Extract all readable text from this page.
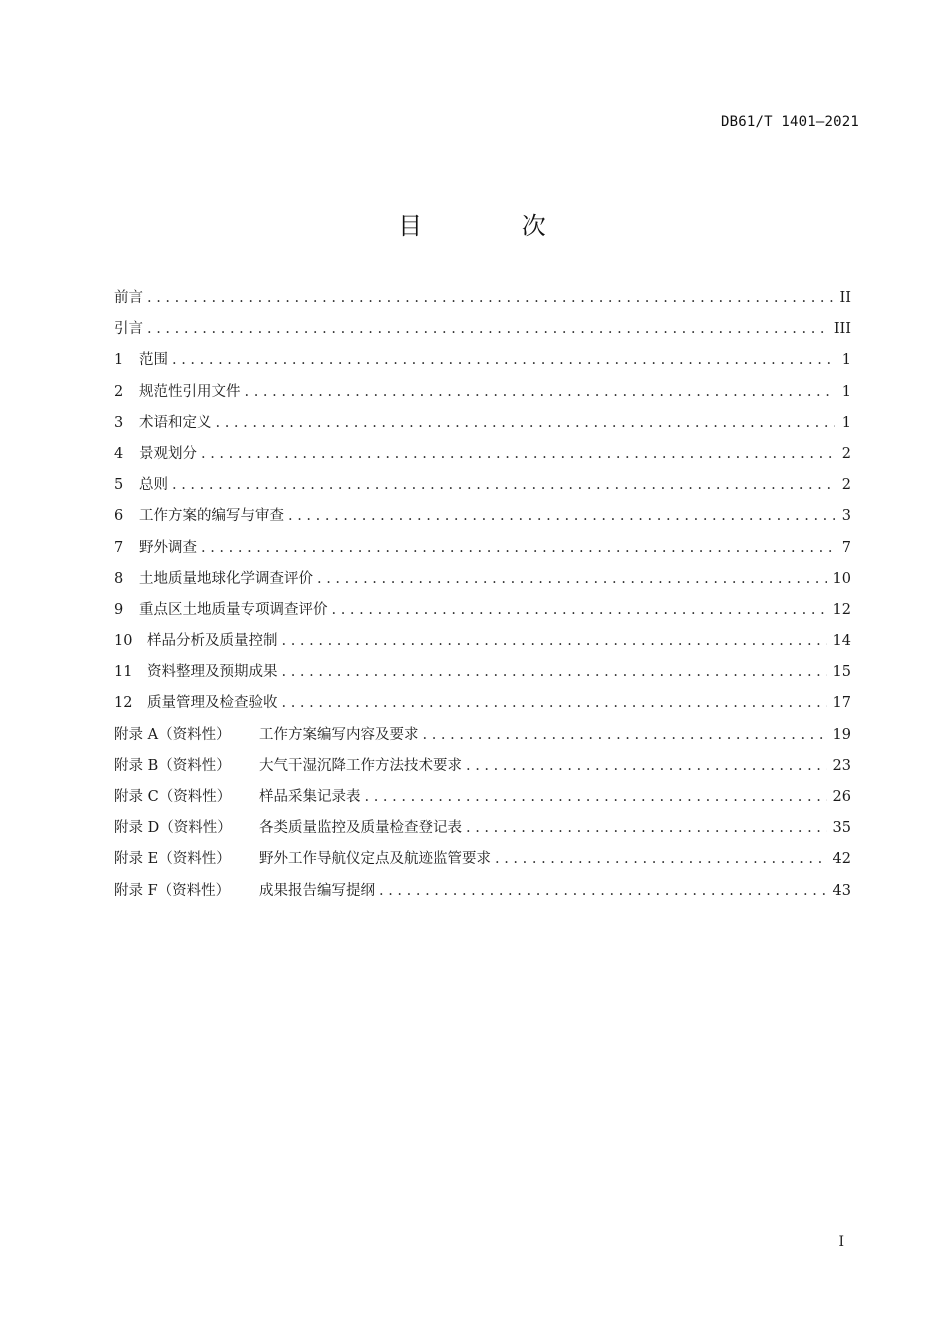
DB61/T 1401—2021
目 次
前言 . . .	II
引言 . . .	III
1	范围 . . .	1
2	规范性引用文件 . . .	1
3	术语和定义 . . .	1
4	景观划分 . . .	2
5	总则 . . .	2
6	工作方案的编写与审查 . . .	3
7	野外调查 . . .	7
8	土地质量地球化学调查评价 . . .	10
9	重点区土地质量专项调查评价 . . .	12
10	样品分析及质量控制 . . .	14
11	资料整理及预期成果 . . .	15
12	质量管理及检查验收 . . .	17
附录 A（资料性）	工作方案编写内容及要求 . . .	19
附录 B（资料性）	大气干湿沉降工作方法技术要求 . . .	23
附录 C（资料性）	样品采集记录表 . . .	26
附录 D（资料性）	各类质量监控及质量检查登记表 . . .	35
附录 E（资料性）	野外工作导航仪定点及航迹监管要求 . . .	42
附录 F（资料性）	成果报告编写提纲 . . .	43
I
